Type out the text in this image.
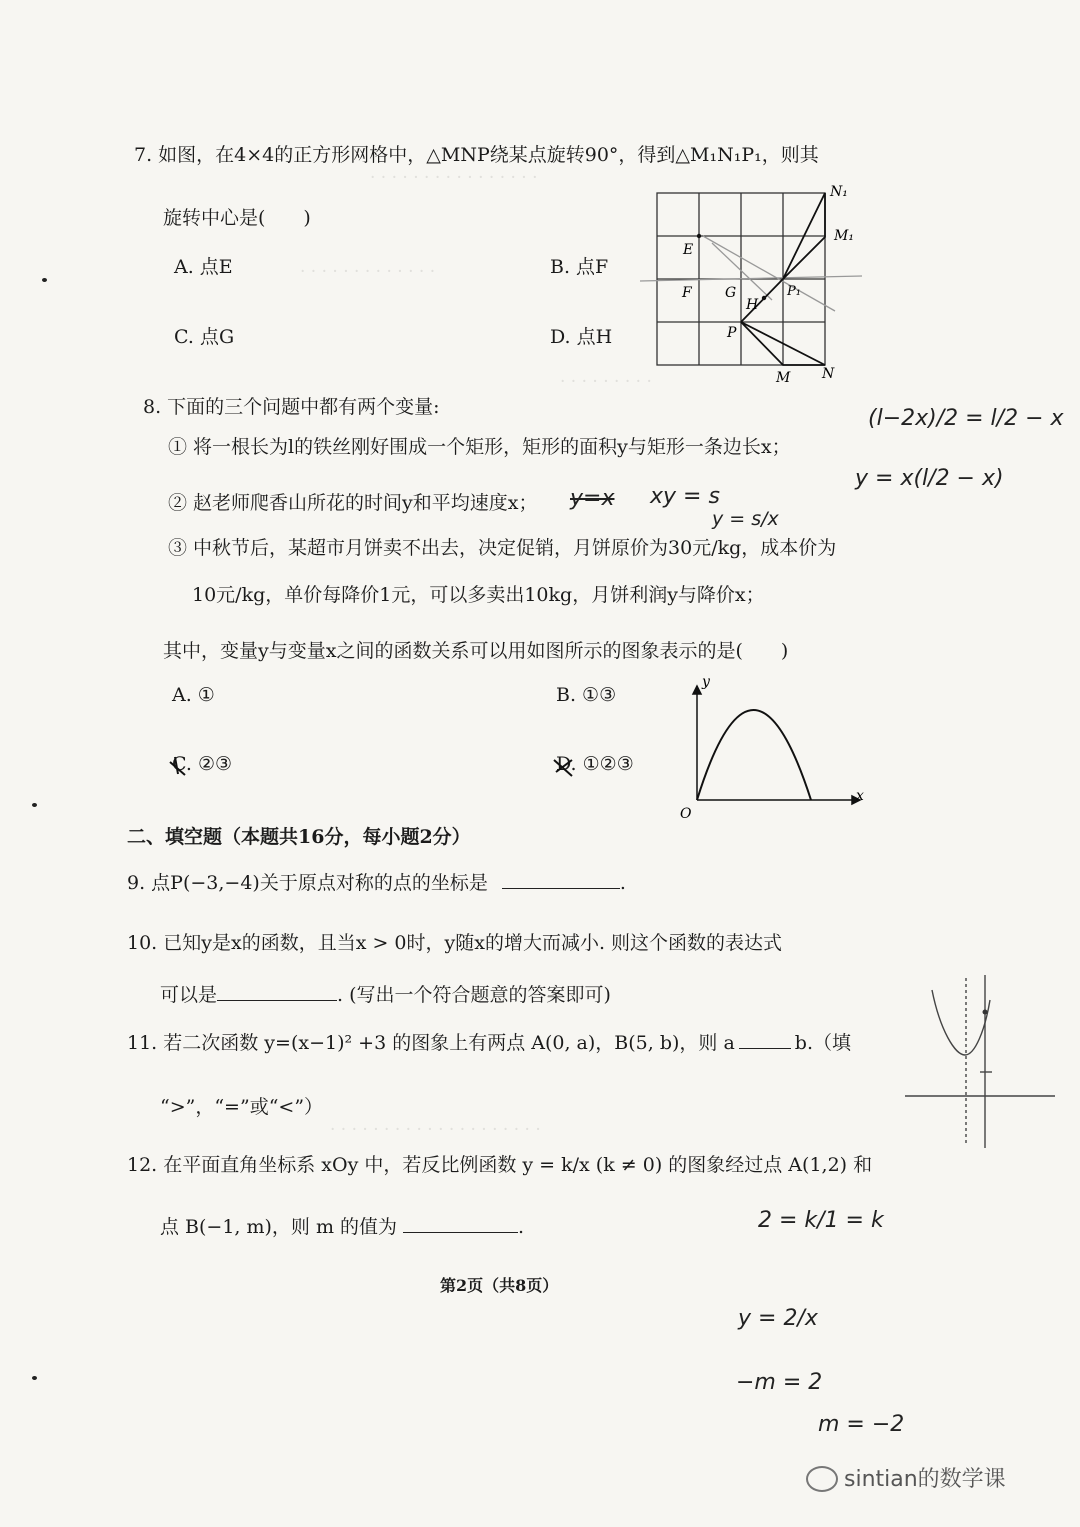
· · · · · · · · · · · · · · · ·
· · · · · · · · · · · · ·
· · · · · · · · ·
· · · · · · · · · · · · · · · · · · · ·
7. 如图，在4×4的正方形网格中，△MNP绕某点旋转90°，得到△M₁N₁P₁，则其
旋转中心是(　　)
A. 点E	B. 点F
C. 点G	D. 点H
E
F G
H
P
P₁
M N
M₁
N₁
8. 下面的三个问题中都有两个变量:
① 将一根长为l的铁丝刚好围成一个矩形，矩形的面积y与矩形一条边长x；
② 赵老师爬香山所花的时间y和平均速度x；
③ 中秋节后，某超市月饼卖不出去，决定促销，月饼原价为30元/kg，成本价为
10元/kg，单价每降价1元，可以多卖出10kg，月饼利润y与降价x；
其中，变量y与变量x之间的函数关系可以用如图所示的图象表示的是(　　)
A. ①	B. ①③
C. ②③	D. ①②③
y
x
O
二、填空题（本题共16分，每小题2分）
9. 点P(−3,−4)关于原点对称的点的坐标是	.
10. 已知y是x的函数，且当x > 0时，y随x的增大而减小. 则这个函数的表达式
可以是	. (写出一个符合题意的答案即可)
11. 若二次函数 y=(x−1)² +3 的图象上有两点 A(0, a)，B(5, b)，则 a	b.（填
“>”，“=”或“<”）
12. 在平面直角坐标系 xOy 中，若反比例函数 y = k/x (k ≠ 0) 的图象经过点 A(1,2) 和
点 B(−1, m)，则 m 的值为	.
第2页（共8页）
(l−2x)/2 = l/2 − x
y = x(l/2 − x)
y=x xy = s
y = s/x
2 = k/1 = k
y = 2/x
−m = 2
m = −2
sintian的数学课
